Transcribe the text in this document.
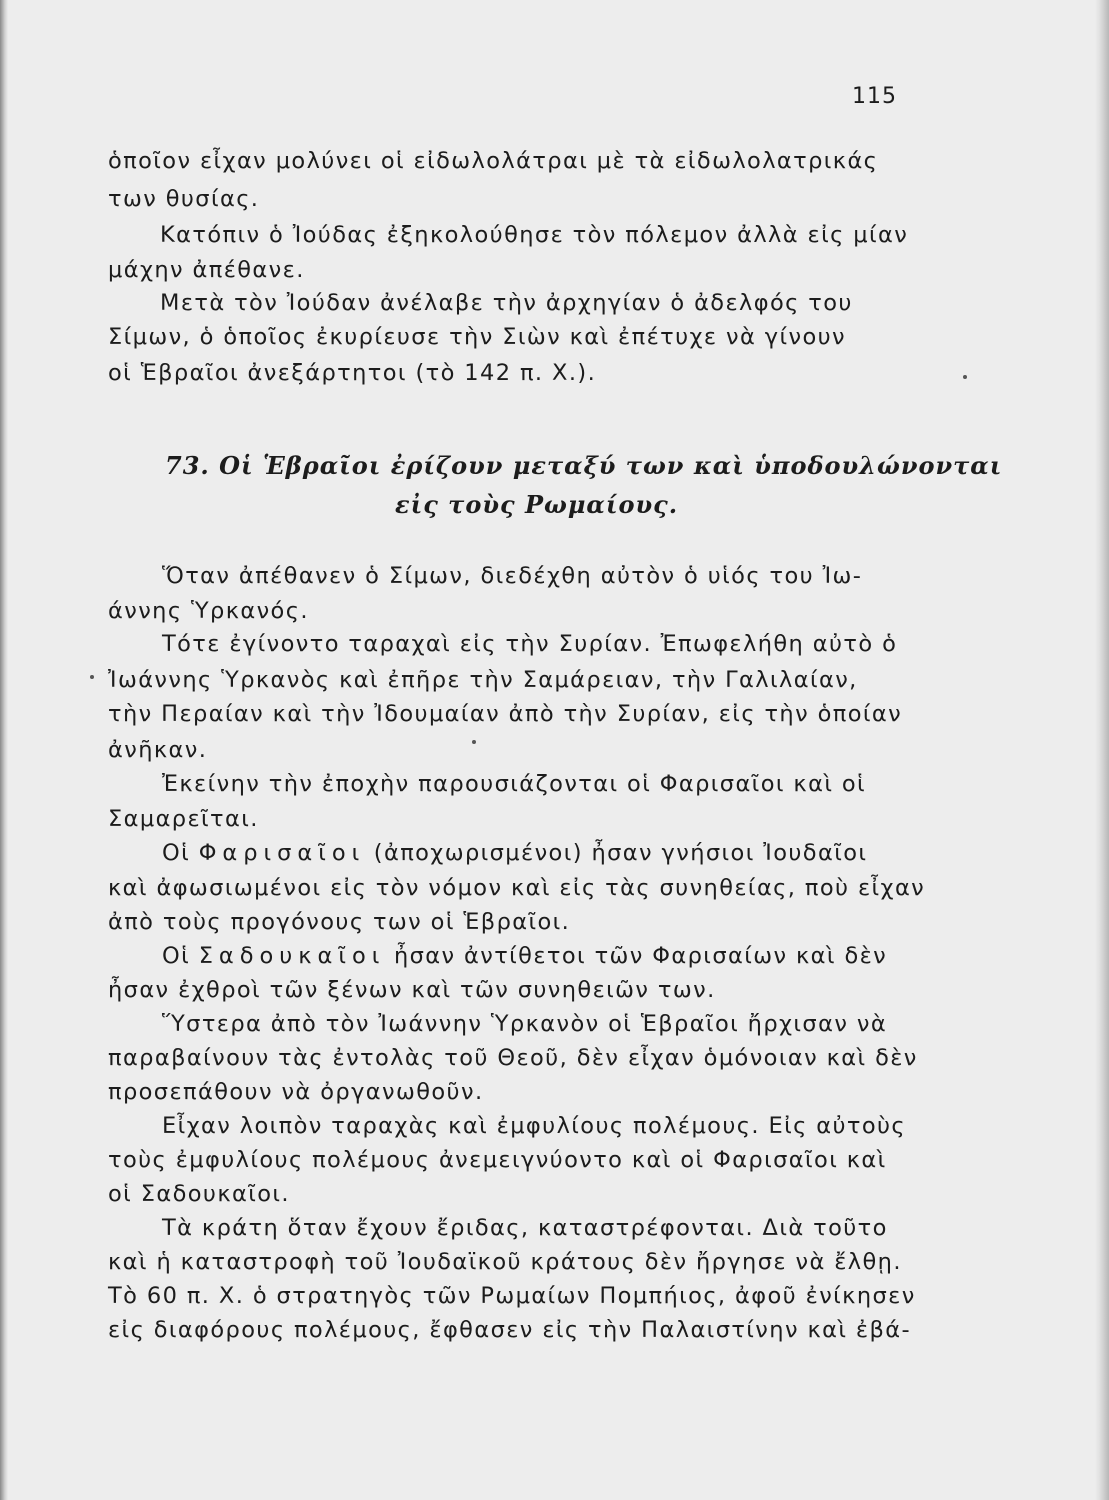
115
ὁποῖον εἶχαν μολύνει οἱ εἰδωλολάτραι μὲ τὰ εἰδωλολατρικάς
των θυσίας.
Κατόπιν ὁ Ἰούδας ἐξηκολούθησε τὸν πόλεμον ἀλλὰ εἰς μίαν
μάχην ἀπέθανε.
Μετὰ τὸν Ἰούδαν ἀνέλαβε τὴν ἀρχηγίαν ὁ ἀδελφός του
Σίμων, ὁ ὁποῖος ἐκυρίευσε τὴν Σιὼν καὶ ἐπέτυχε νὰ γίνουν
οἱ Ἑβραῖοι ἀνεξάρτητοι (τὸ 142 π. Χ.).
73. Οἱ Ἑβραῖοι ἐρίζουν μεταξύ των καὶ ὑποδουλώνονται
εἰς τοὺς Ρωμαίους.
Ὅταν ἀπέθανεν ὁ Σίμων, διεδέχθη αὐτὸν ὁ υἱός του Ἰω-
άννης Ὑρκανός.
Τότε ἐγίνοντο ταραχαὶ εἰς τὴν Συρίαν. Ἐπωφελήθη αὐτὸ ὁ
Ἰωάννης Ὑρκανὸς καὶ ἐπῆρε τὴν Σαμάρειαν, τὴν Γαλιλαίαν,
τὴν Περαίαν καὶ τὴν Ἰδουμαίαν ἀπὸ τὴν Συρίαν, εἰς τὴν ὁποίαν
ἀνῆκαν.
Ἐκείνην τὴν ἐποχὴν παρουσιάζονται οἱ Φαρισαῖοι καὶ οἱ
Σαμαρεῖται.
Οἱ Φαρισαῖοι (ἀποχωρισμένοι) ἦσαν γνήσιοι Ἰουδαῖοι
καὶ ἀφωσιωμένοι εἰς τὸν νόμον καὶ εἰς τὰς συνηθείας, ποὺ εἶχαν
ἀπὸ τοὺς προγόνους των οἱ Ἑβραῖοι.
Οἱ Σαδουκαῖοι ἦσαν ἀντίθετοι τῶν Φαρισαίων καὶ δὲν
ἦσαν ἐχθροὶ τῶν ξένων καὶ τῶν συνηθειῶν των.
Ὕστερα ἀπὸ τὸν Ἰωάννην Ὑρκανὸν οἱ Ἑβραῖοι ἤρχισαν νὰ
παραβαίνουν τὰς ἐντολὰς τοῦ Θεοῦ, δὲν εἶχαν ὁμόνοιαν καὶ δὲν
προσεπάθουν νὰ ὀργανωθοῦν.
Εἶχαν λοιπὸν ταραχὰς καὶ ἐμφυλίους πολέμους. Εἰς αὐτοὺς
τοὺς ἐμφυλίους πολέμους ἀνεμειγνύοντο καὶ οἱ Φαρισαῖοι καὶ
οἱ Σαδουκαῖοι.
Τὰ κράτη ὅταν ἔχουν ἔριδας, καταστρέφονται. Διὰ τοῦτο
καὶ ἡ καταστροφὴ τοῦ Ἰουδαϊκοῦ κράτους δὲν ἤργησε νὰ ἔλθῃ.
Τὸ 60 π. Χ. ὁ στρατηγὸς τῶν Ρωμαίων Πομπήιος, ἀφοῦ ἐνίκησεν
εἰς διαφόρους πολέμους, ἔφθασεν εἰς τὴν Παλαιστίνην καὶ ἐβά-
